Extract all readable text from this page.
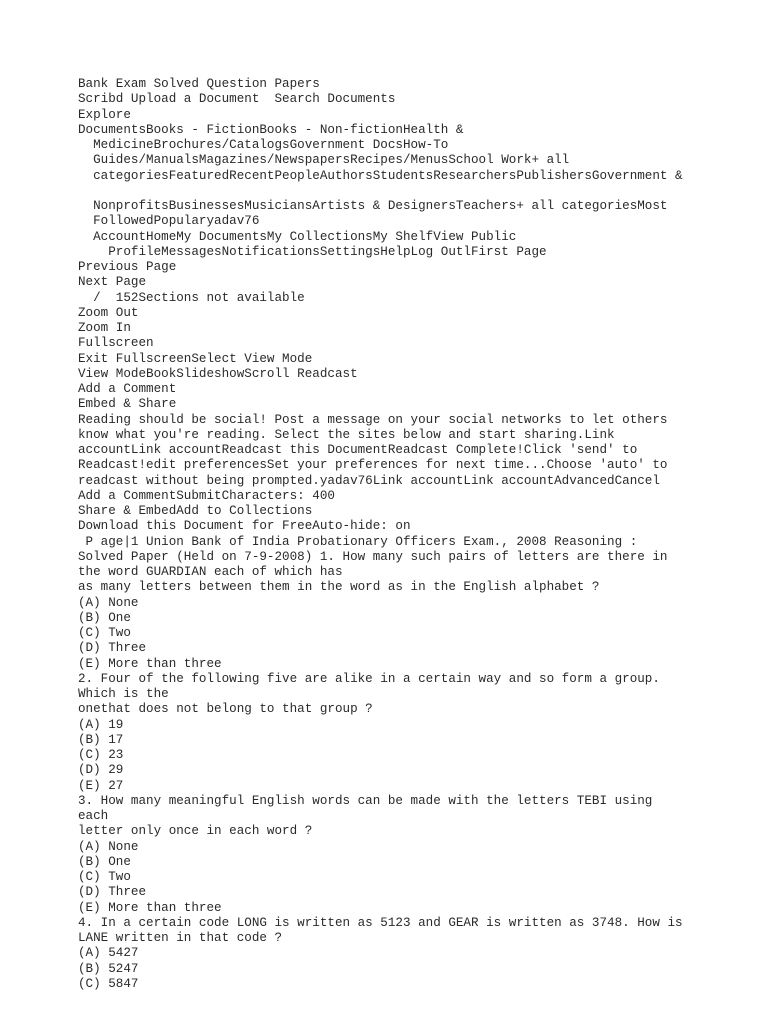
Bank Exam Solved Question Papers
Scribd Upload a Document  Search Documents
Explore
DocumentsBooks - FictionBooks - Non-fictionHealth &
MedicineBrochures/CatalogsGovernment DocsHow-To
Guides/ManualsMagazines/NewspapersRecipes/MenusSchool Work+ all
categoriesFeaturedRecentPeopleAuthorsStudentsResearchersPublishersGovernment &
NonprofitsBusinessesMusiciansArtists & DesignersTeachers+ all categoriesMost
FollowedPopularyadav76
AccountHomeMy DocumentsMy CollectionsMy ShelfView Public
ProfileMessagesNotificationsSettingsHelpLog OutlFirst Page
Previous Page
Next Page
/  152Sections not available
Zoom Out
Zoom In
Fullscreen
Exit FullscreenSelect View Mode
View ModeBookSlideshowScroll Readcast
Add a Comment
Embed & Share
Reading should be social! Post a message on your social networks to let others
know what you're reading. Select the sites below and start sharing.Link
accountLink accountReadcast this DocumentReadcast Complete!Click 'send' to
Readcast!edit preferencesSet your preferences for next time...Choose 'auto' to
readcast without being prompted.yadav76Link accountLink accountAdvancedCancel
Add a CommentSubmitCharacters: 400
Share & EmbedAdd to Collections
Download this Document for FreeAuto-hide: on
P age|1 Union Bank of India Probationary Officers Exam., 2008 Reasoning :
Solved Paper (Held on 7-9-2008) 1. How many such pairs of letters are there in
the word GUARDIAN each of which has
as many letters between them in the word as in the English alphabet ?
(A) None
(B) One
(C) Two
(D) Three
(E) More than three
2. Four of the following five are alike in a certain way and so form a group.
Which is the
onethat does not belong to that group ?
(A) 19
(B) 17
(C) 23
(D) 29
(E) 27
3. How many meaningful English words can be made with the letters TEBI using
each
letter only once in each word ?
(A) None
(B) One
(C) Two
(D) Three
(E) More than three
4. In a certain code LONG is written as 5123 and GEAR is written as 3748. How is
LANE written in that code ?
(A) 5427
(B) 5247
(C) 5847
